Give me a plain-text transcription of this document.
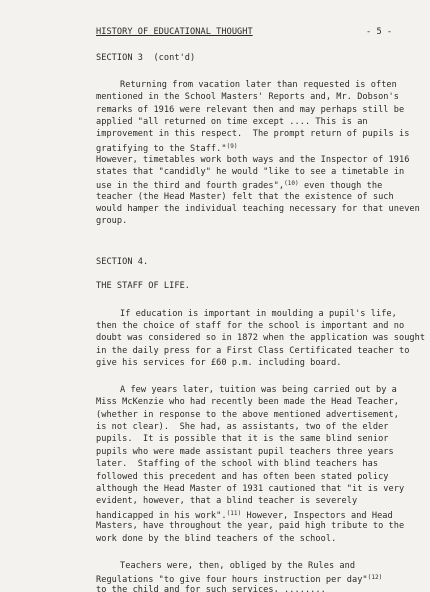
HISTORY OF EDUCATIONAL THOUGHT	- 5 -
SECTION 3  (cont'd)
Returning from vacation later than requested is often
mentioned in the School Masters' Reports and, Mr. Dobson's
remarks of 1916 were relevant then and may perhaps still be
applied "all returned on time except .... This is an
improvement in this respect.  The prompt return of pupils is
gratifying to the Staff."$^{(9)}$
However, timetables work both ways and the Inspector of 1916
states that "candidly" he would "like to see a timetable in
use in the third and fourth grades",$^{(10)}$ even though the
teacher (the Head Master) felt that the existence of such
would hamper the individual teaching necessary for that uneven
group.
SECTION 4.
THE STAFF OF LIFE.
If education is important in moulding a pupil's life,
then the choice of staff for the school is important and no
doubt was considered so in 1872 when the application was sought
in the daily press for a First Class Certificated teacher to
give his services for £60 p.m. including board.
A few years later, tuition was being carried out by a
Miss McKenzie who had recently been made the Head Teacher,
(whether in response to the above mentioned advertisement,
is not clear).  She had, as assistants, two of the elder
pupils.  It is possible that it is the same blind senior
pupils who were made assistant pupil teachers three years
later.  Staffing of the school with blind teachers has
followed this precedent and has often been stated policy
although the Head Master of 1931 cautioned that "it is very
evident, however, that a blind teacher is severely
handicapped in his work".$^{(11)}$ However, Inspectors and Head
Masters, have throughout the year, paid high tribute to the
work done by the blind teachers of the school.
Teachers were, then, obliged by the Rules and
Regulations "to give four hours instruction per day"$^{(12)}$
to the child and for such services, ........
